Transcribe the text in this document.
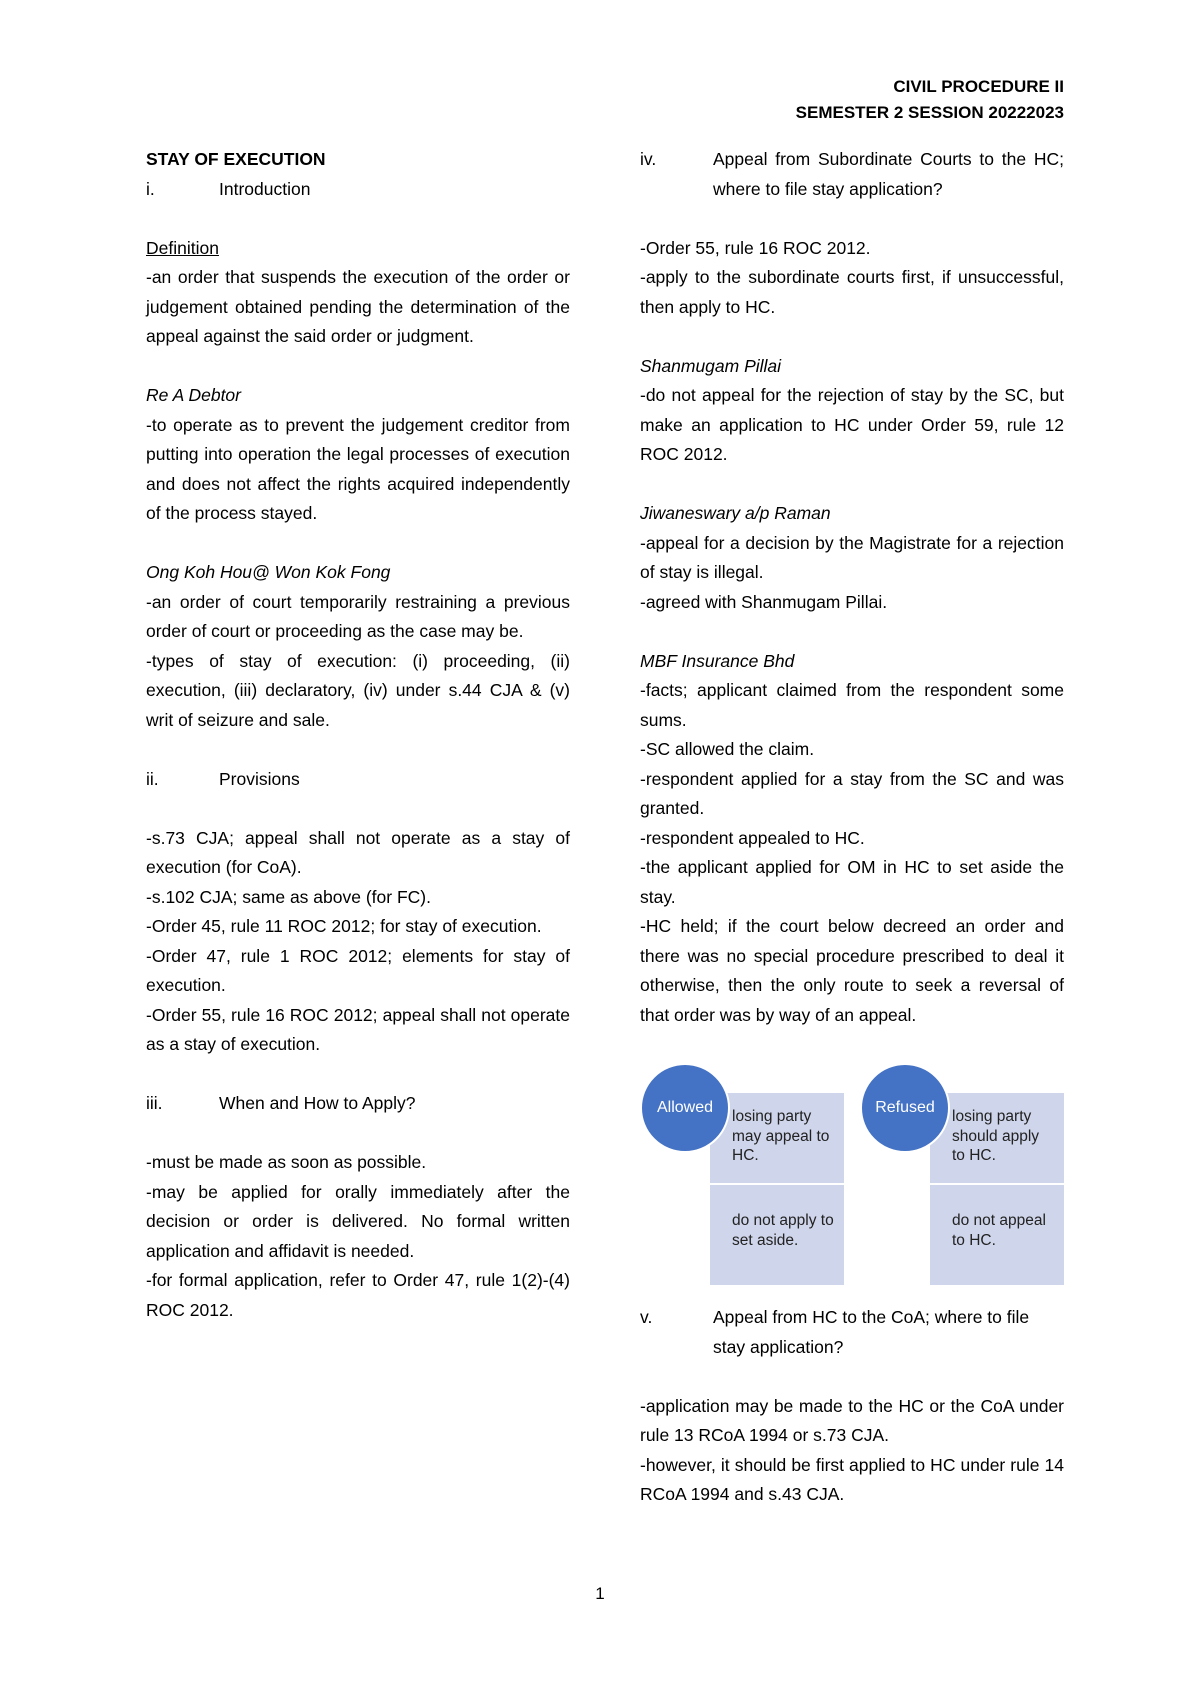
CIVIL PROCEDURE II
SEMESTER 2 SESSION 20222023

STAY OF EXECUTION

i.	Introduction

Definition

-an order that suspends the execution of the order or judgement obtained pending the determination of the appeal against the said order or judgment.

Re A Debtor

-to operate as to prevent the judgement creditor from putting into operation the legal processes of execution and does not affect the rights acquired independently of the process stayed.

Ong Koh Hou@ Won Kok Fong

-an order of court temporarily restraining a previous order of court or proceeding as the case may be.

-types of stay of execution: (i) proceeding, (ii) execution, (iii) declaratory, (iv) under s.44 CJA & (v) writ of seizure and sale.

ii.	Provisions

-s.73 CJA; appeal shall not operate as a stay of execution (for CoA).

-s.102 CJA; same as above (for FC).

-Order 45, rule 11 ROC 2012; for stay of execution.

-Order 47, rule 1 ROC 2012; elements for stay of execution.

-Order 55, rule 16 ROC 2012; appeal shall not operate as a stay of execution.

iii.	When and How to Apply?

-must be made as soon as possible.

-may be applied for orally immediately after the decision or order is delivered. No formal written application and affidavit is needed.

-for formal application, refer to Order 47, rule 1(2)-(4) ROC 2012.

iv.	Appeal from Subordinate Courts to the HC; where to file stay application?

-Order 55, rule 16 ROC 2012.

-apply to the subordinate courts first, if unsuccessful, then apply to HC.

Shanmugam Pillai

-do not appeal for the rejection of stay by the SC, but make an application to HC under Order 59, rule 12 ROC 2012.

Jiwaneswary a/p Raman

-appeal for a decision by the Magistrate for a rejection of stay is illegal.

-agreed with Shanmugam Pillai.

MBF Insurance Bhd

-facts; applicant claimed from the respondent some sums.

-SC allowed the claim.

-respondent applied for a stay from the SC and was granted.

-respondent appealed to HC.

-the applicant applied for OM in HC to set aside the stay.

-HC held; if the court below decreed an order and there was no special procedure prescribed to deal it otherwise, then the only route to seek a reversal of that order was by way of an appeal.

losing party may appeal to HC.
do not apply to set aside.
Allowed
losing party should apply to HC.
do not appeal to HC.
Refused
v.	Appeal from HC to the CoA; where to file stay application?

-application may be made to the HC or the CoA under rule 13 RCoA 1994 or s.73 CJA.

-however, it should be first applied to HC under rule 14 RCoA 1994 and s.43 CJA.

1
